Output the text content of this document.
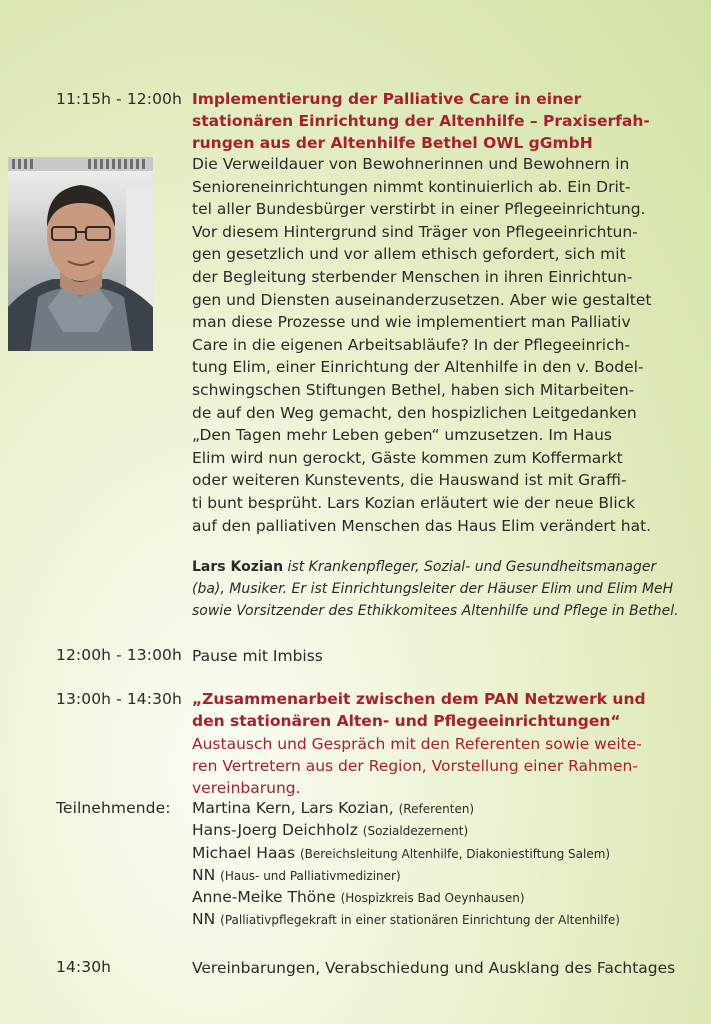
11:15h - 12:00h Implementierung der Palliative Care in einer
stationären Einrichtung der Altenhilfe – Praxiserfah-
rungen aus der Altenhilfe Bethel OWL gGmbH
Die Verweildauer von Bewohnerinnen und Bewohnern in
Senioreneinrichtungen nimmt kontinuierlich ab. Ein Drit-
tel aller Bundesbürger verstirbt in einer Pflegeeinrichtung.
Vor diesem Hintergrund sind Träger von Pflegeeinrichtun-
gen gesetzlich und vor allem ethisch gefordert, sich mit
der Begleitung sterbender Menschen in ihren Einrichtun-
gen und Diensten auseinanderzusetzen. Aber wie gestaltet
man diese Prozesse und wie implementiert man Palliativ
Care in die eigenen Arbeitsabläufe? In der Pflegeeinrich-
tung Elim, einer Einrichtung der Altenhilfe in den v. Bodel-
schwingschen Stiftungen Bethel, haben sich Mitarbeiten-
de auf den Weg gemacht, den hospizlichen Leitgedanken
„Den Tagen mehr Leben geben“ umzusetzen. Im Haus
Elim wird nun gerockt, Gäste kommen zum Koffermarkt
oder weiteren Kunstevents, die Hauswand ist mit Graffi-
ti bunt besprüht. Lars Kozian erläutert wie der neue Blick
auf den palliativen Menschen das Haus Elim verändert hat.
Lars Kozian ist Krankenpfleger, Sozial- und Gesundheitsmanager
(ba), Musiker. Er ist Einrichtungsleiter der Häuser Elim und Elim MeH
sowie Vorsitzender des Ethikkomitees Altenhilfe und Pflege in Bethel.
12:00h - 13:00h Pause mit Imbiss
13:00h - 14:30h „Zusammenarbeit zwischen dem PAN Netzwerk und
den stationären Alten- und Pflegeeinrichtungen“
Austausch und Gespräch mit den Referenten sowie weite-
ren Vertretern aus der Region, Vorstellung einer Rahmen-
vereinbarung.
Teilnehmende: Martina Kern, Lars Kozian, (Referenten)
Hans-Joerg Deichholz (Sozialdezernent)
Michael Haas (Bereichsleitung Altenhilfe, Diakoniestiftung Salem)
NN (Haus- und Palliativmediziner)
Anne-Meike Thöne (Hospizkreis Bad Oeynhausen)
NN (Palliativpflegekraft in einer stationären Einrichtung der Altenhilfe)
14:30h	Vereinbarungen, Verabschiedung und Ausklang des Fachtages
